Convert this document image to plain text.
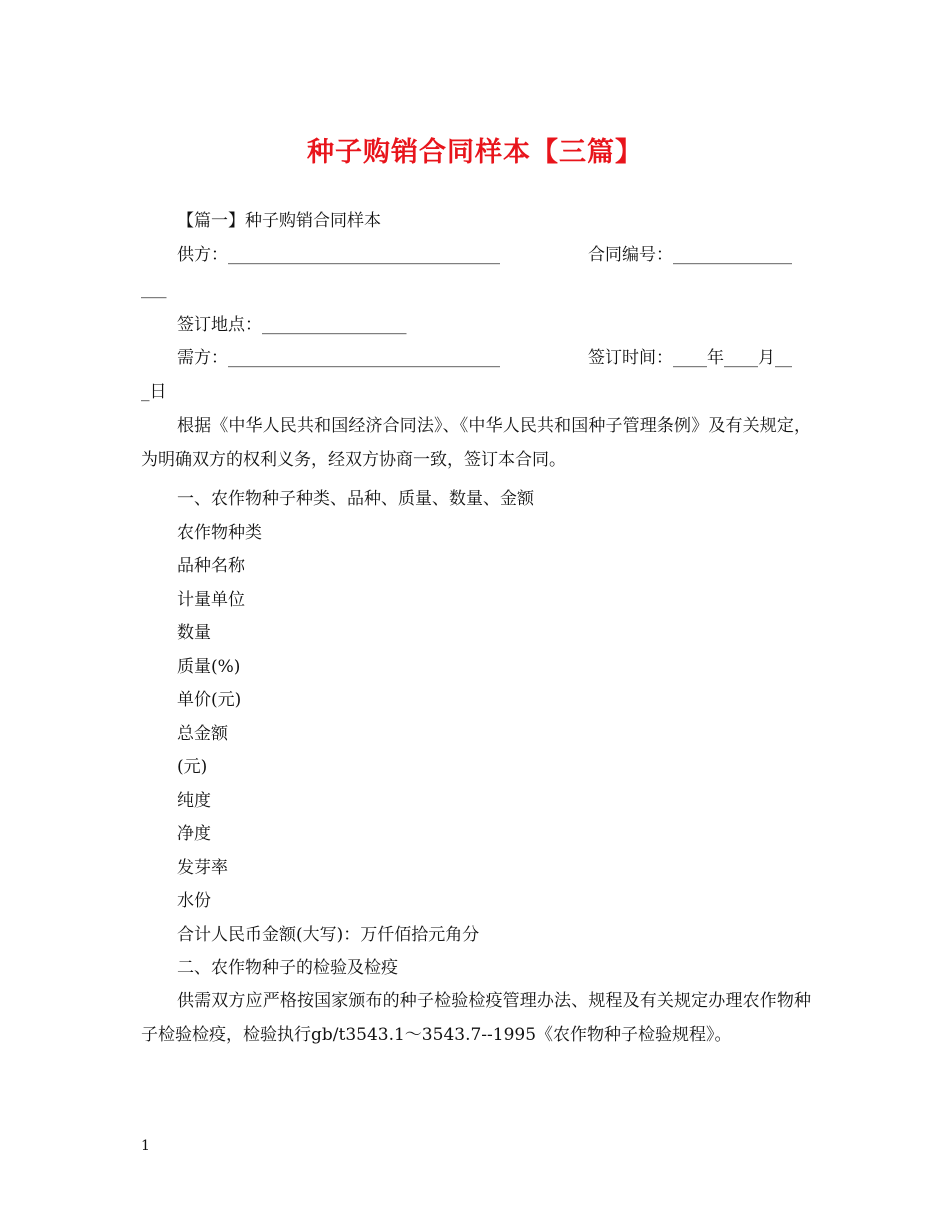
种子购销合同样本【三篇】
【篇一】种子购销合同样本
供方：________________________________	合同编号：______________
___
签订地点：_________________
需方：________________________________	签订时间：____年____月__
_日
根据《中华人民共和国经济合同法》、《中华人民共和国种子管理条例》及有关规定，为明确双方的权利义务，经双方协商一致，签订本合同。
一、农作物种子种类、品种、质量、数量、金额
农作物种类
品种名称
计量单位
数量
质量(%)
单价(元)
总金额
(元)
纯度
净度
发芽率
水份
合计人民币金额(大写)：万仟佰拾元角分
二、农作物种子的检验及检疫
供需双方应严格按国家颁布的种子检验检疫管理办法、规程及有关规定办理农作物种子检验检疫，检验执行gb/t3543.1～3543.7--1995《农作物种子检验规程》。
1
